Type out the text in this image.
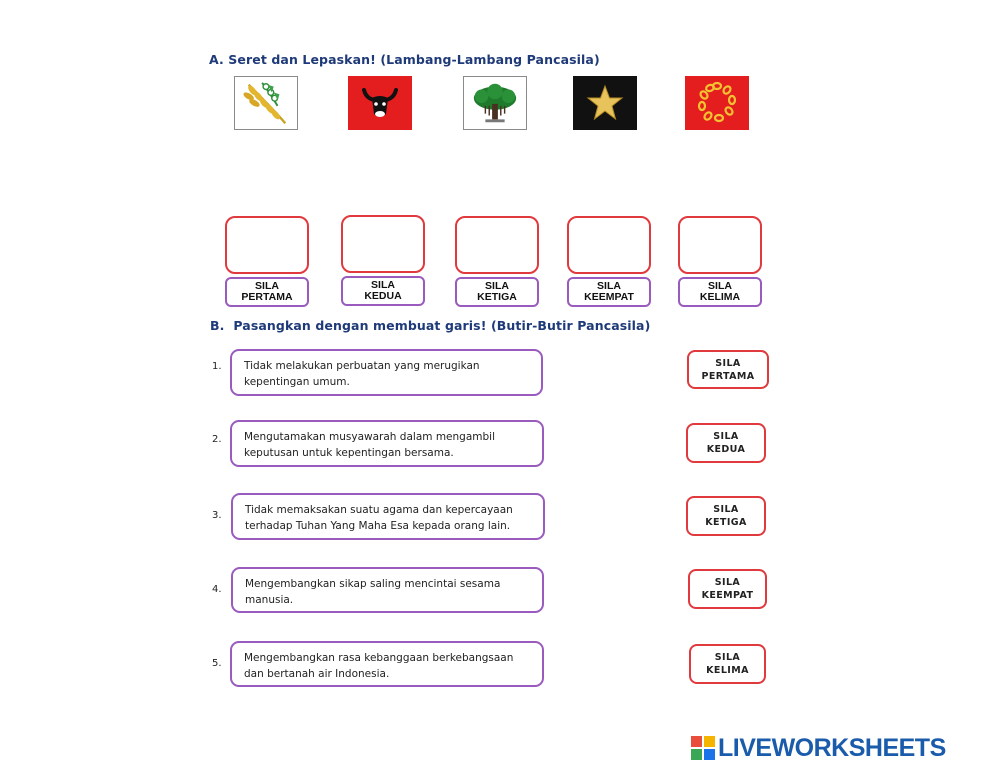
A. Seret dan Lepaskan! (Lambang-Lambang Pancasila)
SILA
PERTAMA
SILA
KEDUA
SILA
KETIGA
SILA
KEEMPAT
SILA
KELIMA
B.  Pasangkan dengan membuat garis! (Butir-Butir Pancasila)
1.	Tidak melakukan perbuatan yang merugikan kepentingan umum.
SILA
PERTAMA
2.	Mengutamakan musyawarah dalam mengambil keputusan untuk kepentingan bersama.
SILA
KEDUA
3.	Tidak memaksakan suatu agama dan kepercayaan terhadap Tuhan Yang Maha Esa kepada orang lain.
SILA
KETIGA
4.	Mengembangkan sikap saling mencintai sesama manusia.
SILA
KEEMPAT
5.	Mengembangkan rasa kebanggaan berkebangsaan dan bertanah air Indonesia.
SILA
KELIMA
LIVEWORKSHEETS
